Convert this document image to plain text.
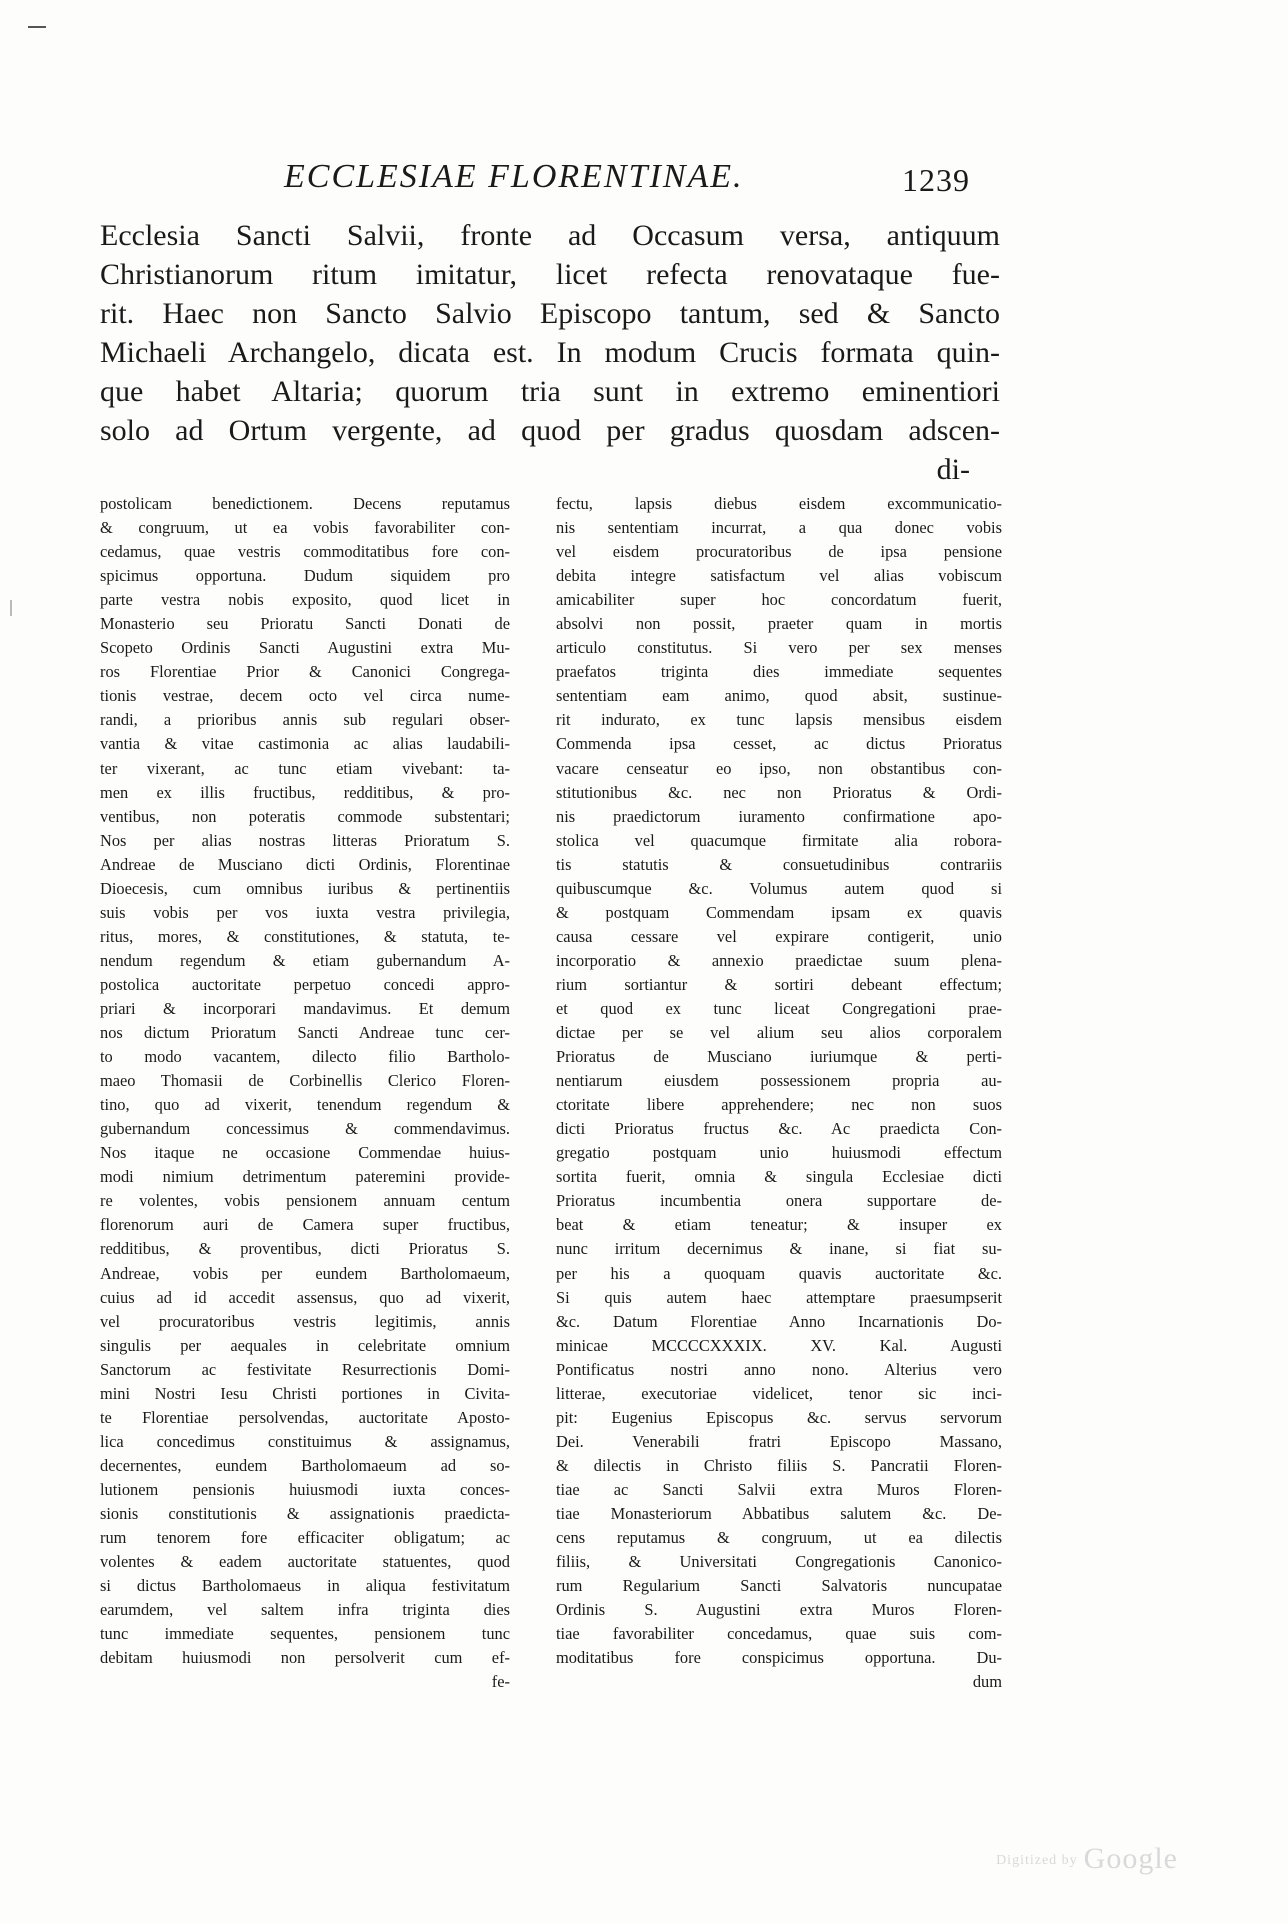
ECCLESIAE FLORENTINAE.	1239
Ecclesia Sancti Salvii, fronte ad Occasum versa, antiquum
Christianorum ritum imitatur, licet refecta renovataque fue-
rit. Haec non Sancto Salvio Episcopo tantum, sed & Sancto
Michaeli Archangelo, dicata est. In modum Crucis formata quin-
que habet Altaria; quorum tria sunt in extremo eminentiori
solo ad Ortum vergente, ad quod per gradus quosdam adscen-
di-
postolicam benedictionem. Decens reputamus
& congruum, ut ea vobis favorabiliter con-
cedamus, quae vestris commoditatibus fore con-
spicimus opportuna. Dudum siquidem pro
parte vestra nobis exposito, quod licet in
Monasterio seu Prioratu Sancti Donati de
Scopeto Ordinis Sancti Augustini extra Mu-
ros Florentiae Prior & Canonici Congrega-
tionis vestrae, decem octo vel circa nume-
randi, a prioribus annis sub regulari obser-
vantia & vitae castimonia ac alias laudabili-
ter vixerant, ac tunc etiam vivebant: ta-
men ex illis fructibus, redditibus, & pro-
ventibus, non poteratis commode substentari;
Nos per alias nostras litteras Prioratum S.
Andreae de Musciano dicti Ordinis, Florentinae
Dioecesis, cum omnibus iuribus & pertinentiis
suis vobis per vos iuxta vestra privilegia,
ritus, mores, & constitutiones, & statuta, te-
nendum regendum & etiam gubernandum A-
postolica auctoritate perpetuo concedi appro-
priari & incorporari mandavimus. Et demum
nos dictum Prioratum Sancti Andreae tunc cer-
to modo vacantem, dilecto filio Bartholo-
maeo Thomasii de Corbinellis Clerico Floren-
tino, quo ad vixerit, tenendum regendum &
gubernandum concessimus & commendavimus.
Nos itaque ne occasione Commendae huius-
modi nimium detrimentum pateremini provide-
re volentes, vobis pensionem annuam centum
florenorum auri de Camera super fructibus,
redditibus, & proventibus, dicti Prioratus S.
Andreae, vobis per eundem Bartholomaeum,
cuius ad id accedit assensus, quo ad vixerit,
vel procuratoribus vestris legitimis, annis
singulis per aequales in celebritate omnium
Sanctorum ac festivitate Resurrectionis Domi-
mini Nostri Iesu Christi portiones in Civita-
te Florentiae persolvendas, auctoritate Aposto-
lica concedimus constituimus & assignamus,
decernentes, eundem Bartholomaeum ad so-
lutionem pensionis huiusmodi iuxta conces-
sionis constitutionis & assignationis praedicta-
rum tenorem fore efficaciter obligatum; ac
volentes & eadem auctoritate statuentes, quod
si dictus Bartholomaeus in aliqua festivitatum
earumdem, vel saltem infra triginta dies
tunc immediate sequentes, pensionem tunc
debitam huiusmodi non persolverit cum ef-
fe-
fectu, lapsis diebus eisdem excommunicatio-
nis sententiam incurrat, a qua donec vobis
vel eisdem procuratoribus de ipsa pensione
debita integre satisfactum vel alias vobiscum
amicabiliter super hoc concordatum fuerit,
absolvi non possit, praeter quam in mortis
articulo constitutus. Si vero per sex menses
praefatos triginta dies immediate sequentes
sententiam eam animo, quod absit, sustinue-
rit indurato, ex tunc lapsis mensibus eisdem
Commenda ipsa cesset, ac dictus Prioratus
vacare censeatur eo ipso, non obstantibus con-
stitutionibus &c. nec non Prioratus & Ordi-
nis praedictorum iuramento confirmatione apo-
stolica vel quacumque firmitate alia robora-
tis statutis & consuetudinibus contrariis
quibuscumque &c. Volumus autem quod si
& postquam Commendam ipsam ex quavis
causa cessare vel expirare contigerit, unio
incorporatio & annexio praedictae suum plena-
rium sortiantur & sortiri debeant effectum;
et quod ex tunc liceat Congregationi prae-
dictae per se vel alium seu alios corporalem
Prioratus de Musciano iuriumque & perti-
nentiarum eiusdem possessionem propria au-
ctoritate libere apprehendere; nec non suos
dicti Prioratus fructus &c. Ac praedicta Con-
gregatio postquam unio huiusmodi effectum
sortita fuerit, omnia & singula Ecclesiae dicti
Prioratus incumbentia onera supportare de-
beat & etiam teneatur; & insuper ex
nunc irritum decernimus & inane, si fiat su-
per his a quoquam quavis auctoritate &c.
Si quis autem haec attemptare praesumpserit
&c. Datum Florentiae Anno Incarnationis Do-
minicae MCCCCXXXIX. XV. Kal. Augusti
Pontificatus nostri anno nono. Alterius vero
litterae, executoriae videlicet, tenor sic inci-
pit: Eugenius Episcopus &c. servus servorum
Dei. Venerabili fratri Episcopo Massano,
& dilectis in Christo filiis S. Pancratii Floren-
tiae ac Sancti Salvii extra Muros Floren-
tiae Monasteriorum Abbatibus salutem &c. De-
cens reputamus & congruum, ut ea dilectis
filiis, & Universitati Congregationis Canonico-
rum Regularium Sancti Salvatoris nuncupatae
Ordinis S. Augustini extra Muros Floren-
tiae favorabiliter concedamus, quae suis com-
moditatibus fore conspicimus opportuna. Du-
dum
Digitized by Google
